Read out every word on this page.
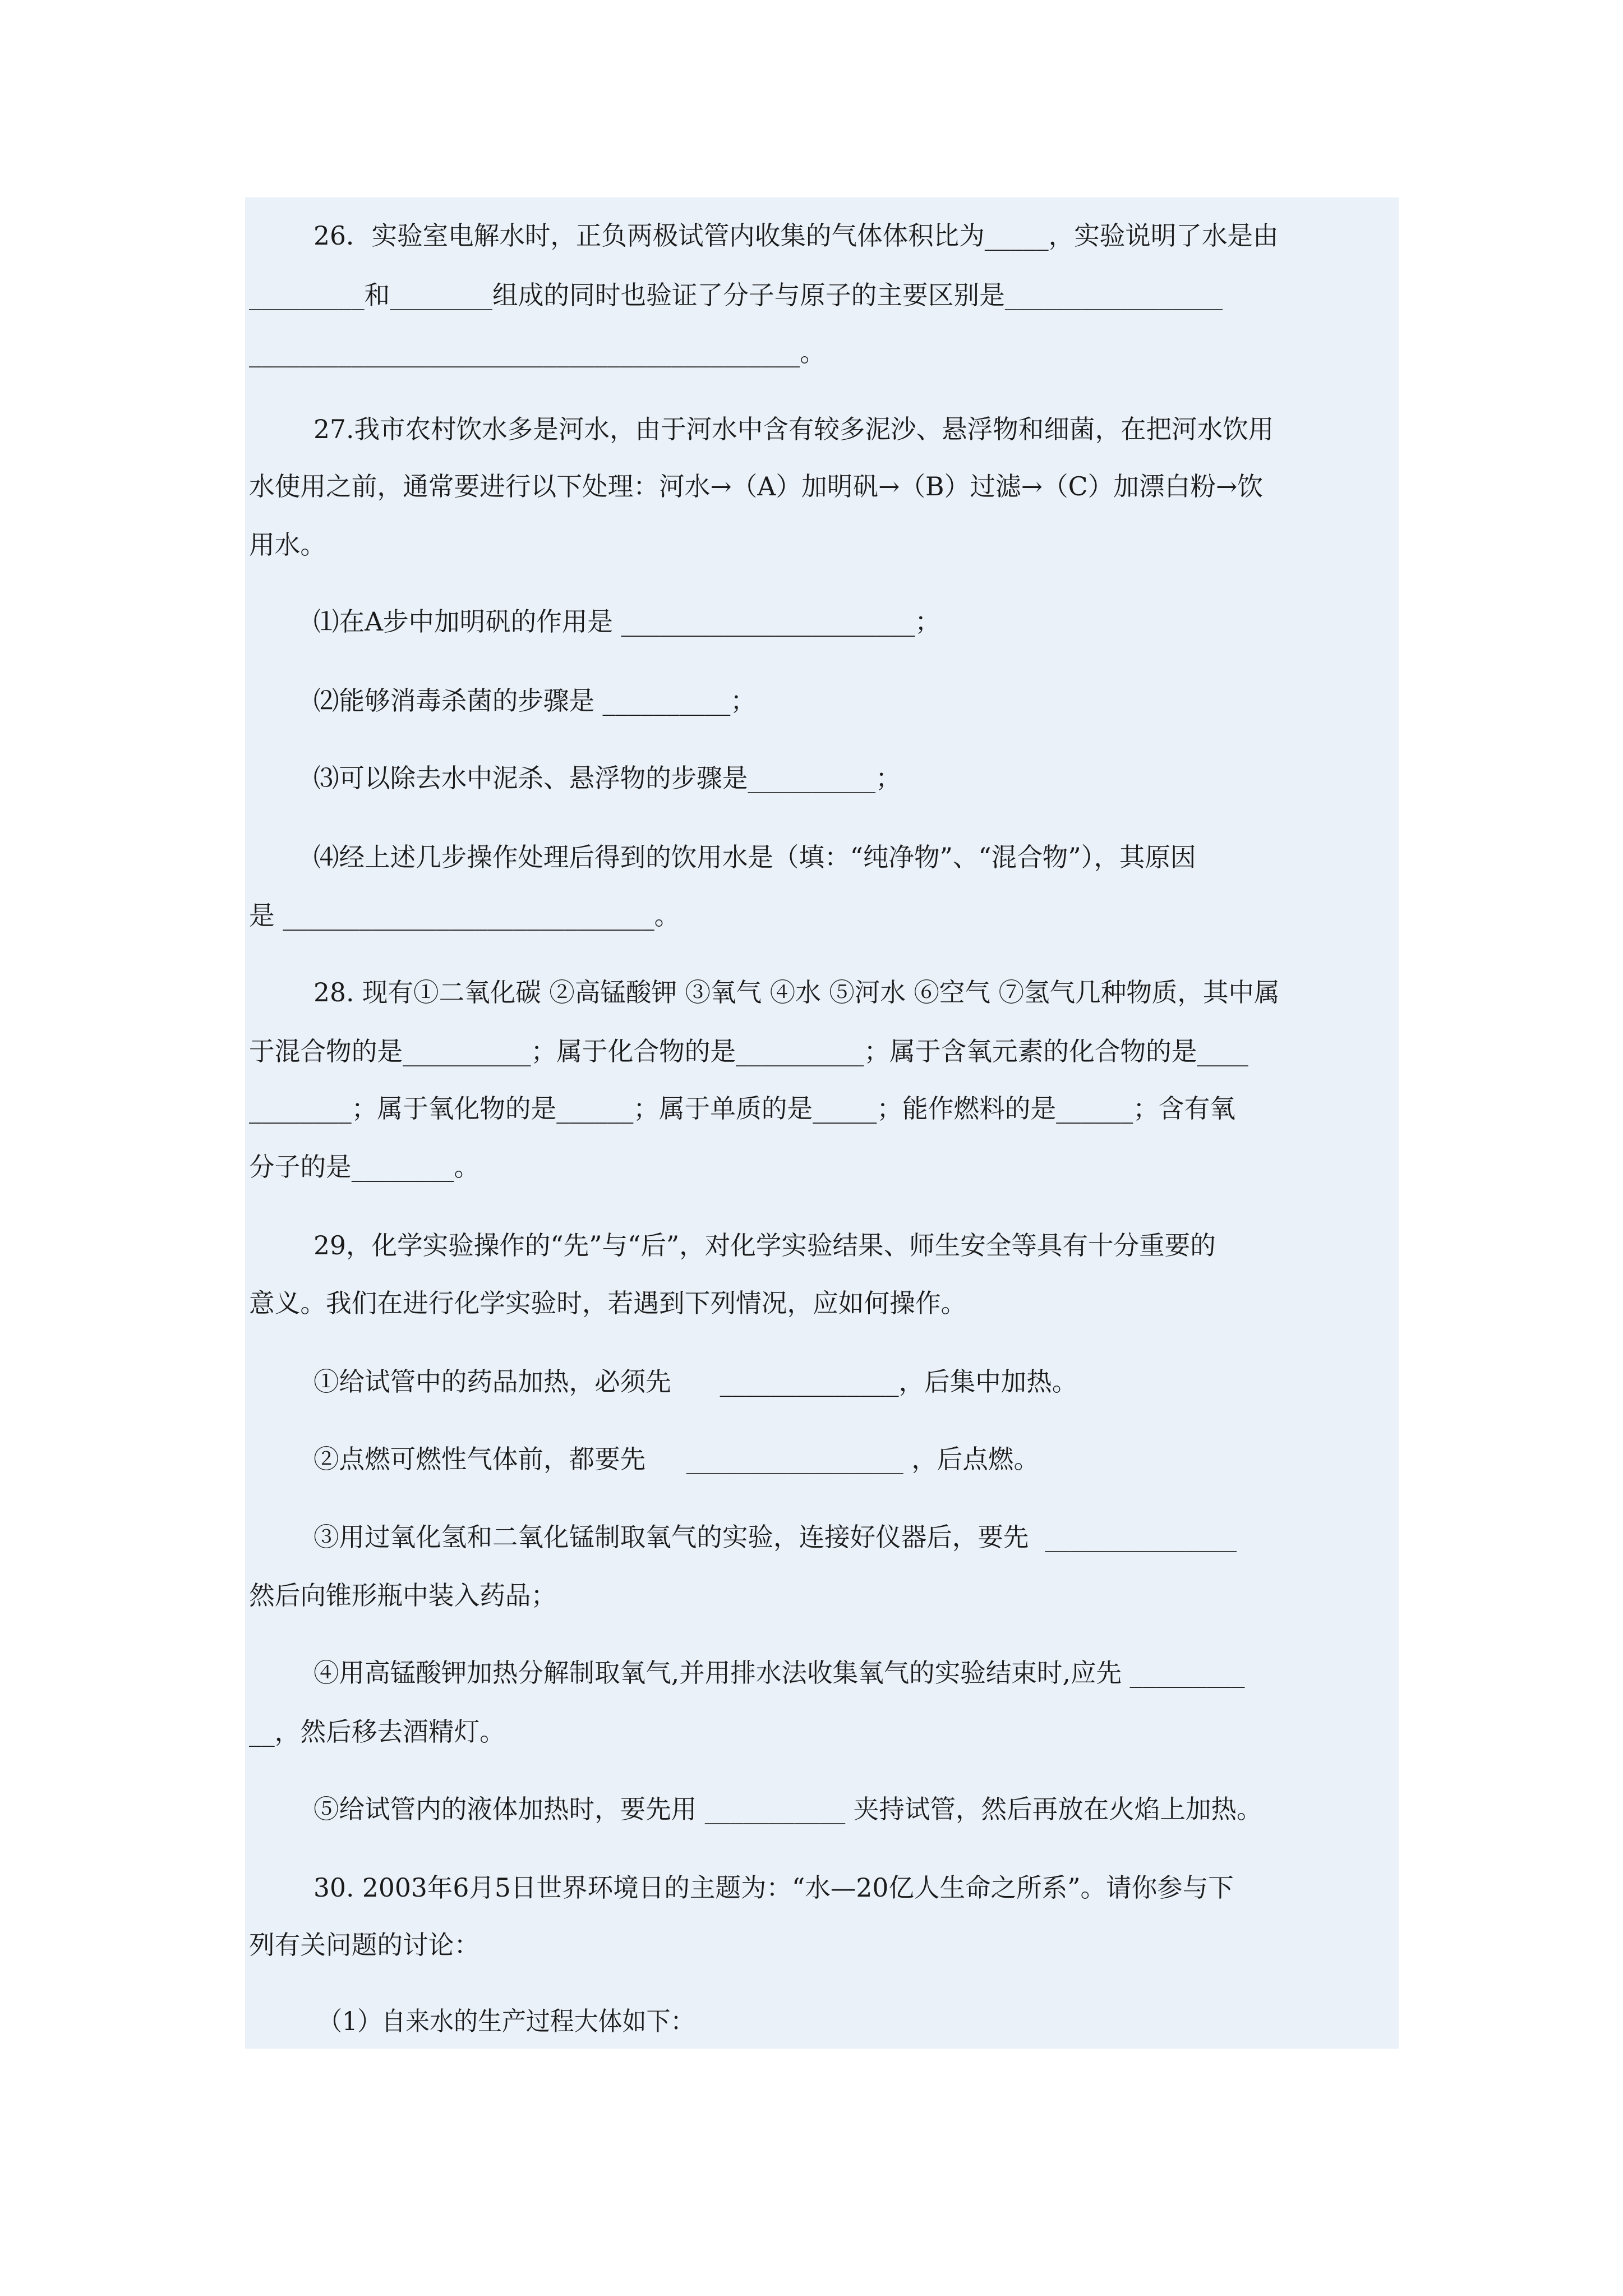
26．实验室电解水时，正负两极试管内收集的气体体积比为_____，实验说明了水是由
_________和________组成的同时也验证了分子与原子的主要区别是_________________
___________________________________________。
27.我市农村饮水多是河水，由于河水中含有较多泥沙、悬浮物和细菌，在把河水饮用
水使用之前，通常要进行以下处理：河水→（A）加明矾→（B）过滤→（C）加漂白粉→饮
用水。
⑴在A步中加明矾的作用是 _______________________；
⑵能够消毒杀菌的步骤是 __________；
⑶可以除去水中泥杀、悬浮物的步骤是__________；
⑷经上述几步操作处理后得到的饮用水是（填：“纯净物”、“混合物”），其原因
是 _____________________________。
28. 现有①二氧化碳 ②高锰酸钾 ③氧气 ④水 ⑤河水 ⑥空气 ⑦氢气几种物质，其中属
于混合物的是__________；属于化合物的是__________；属于含氧元素的化合物的是____
________；属于氧化物的是______；属于单质的是_____；能作燃料的是______；含有氧
分子的是________。
29，化学实验操作的“先”与“后”，对化学实验结果、师生安全等具有十分重要的
意义。我们在进行化学实验时，若遇到下列情况，应如何操作。
①给试管中的药品加热，必须先      ______________，后集中加热。
②点燃可燃性气体前，都要先     _________________ ，后点燃。
③用过氧化氢和二氧化锰制取氧气的实验，连接好仪器后，要先  _______________
然后向锥形瓶中装入药品；
④用高锰酸钾加热分解制取氧气,并用排水法收集氧气的实验结束时,应先 _________
__，然后移去酒精灯。
⑤给试管内的液体加热时，要先用 ___________ 夹持试管，然后再放在火焰上加热。
30. 2003年6月5日世界环境日的主题为：“水—20亿人生命之所系”。请你参与下
列有关问题的讨论：
（1）自来水的生产过程大体如下：
